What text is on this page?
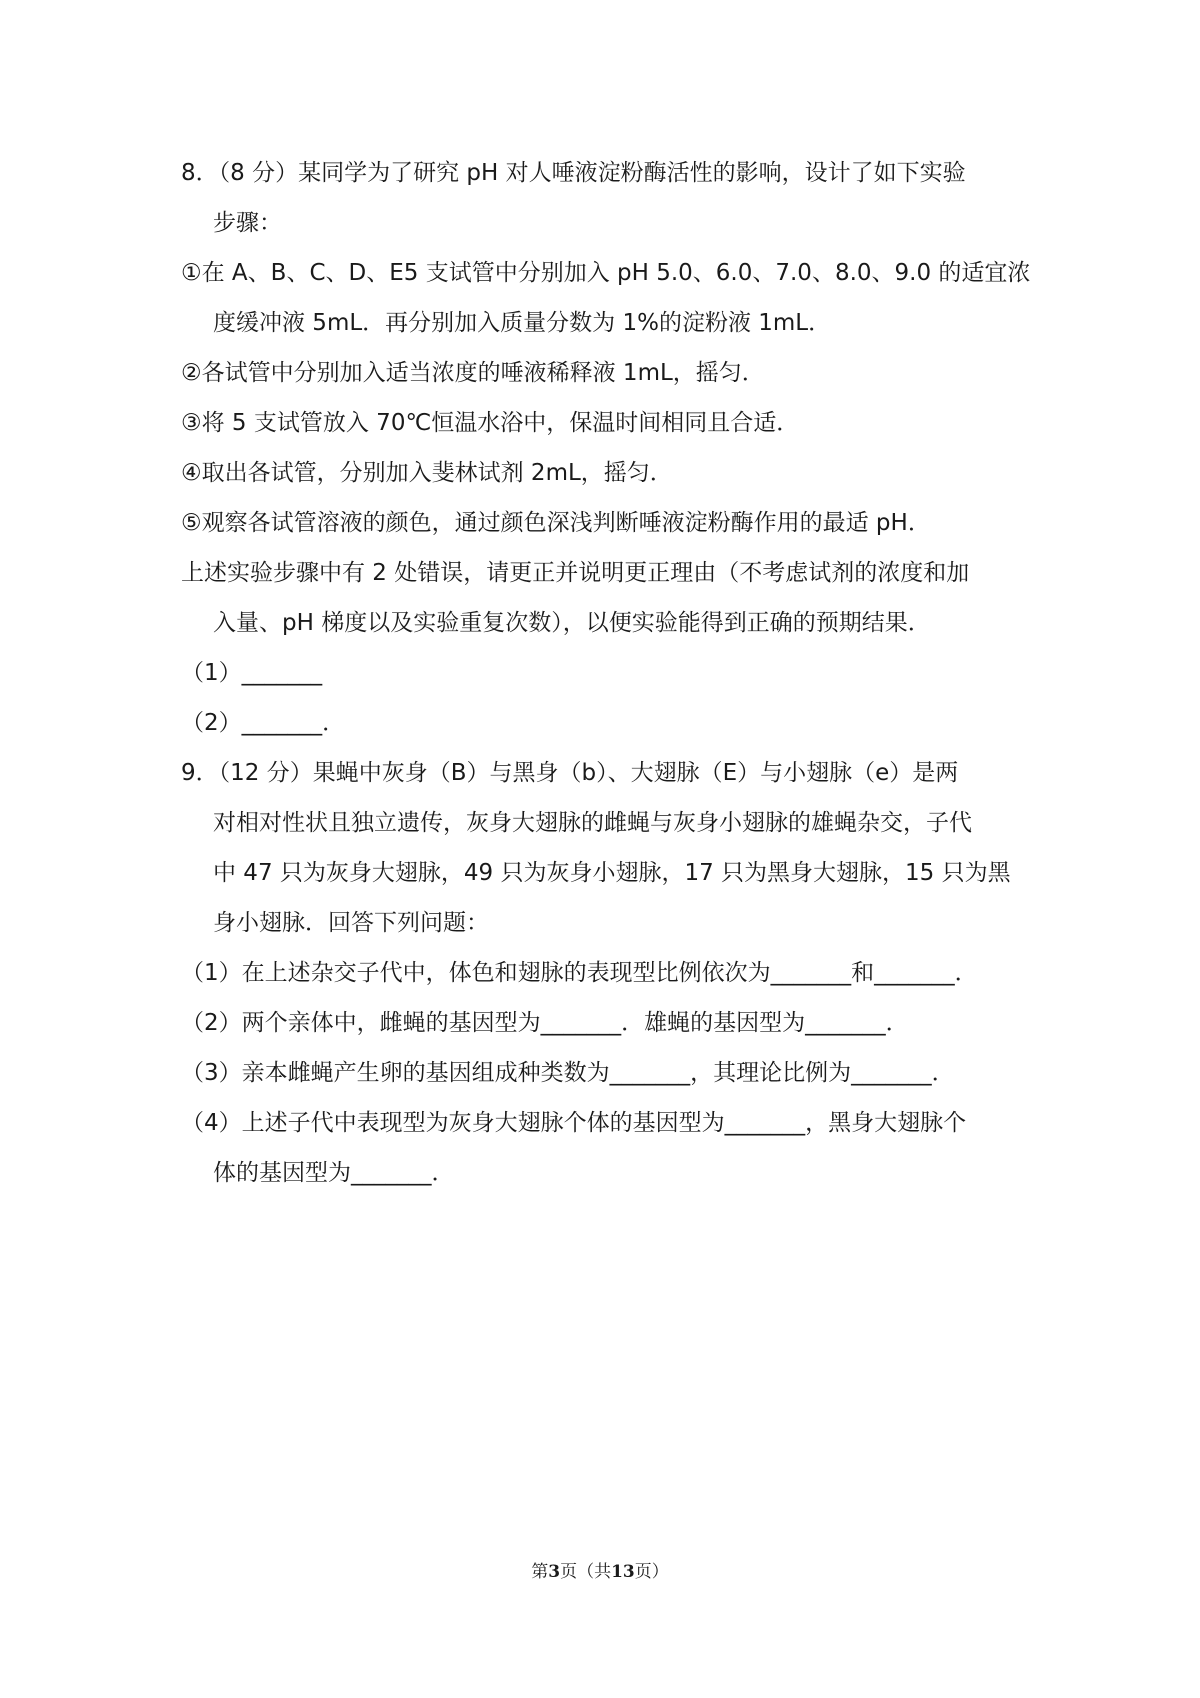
8．（8 分）某同学为了研究 pH 对人唾液淀粉酶活性的影响，设计了如下实验
步骤：
①在 A、B、C、D、E5 支试管中分别加入 pH 5.0、6.0、7.0、8.0、9.0 的适宜浓
度缓冲液 5mL．再分别加入质量分数为 1%的淀粉液 1mL．
②各试管中分别加入适当浓度的唾液稀释液 1mL，摇匀．
③将 5 支试管放入 70℃恒温水浴中，保温时间相同且合适．
④取出各试管，分别加入斐林试剂 2mL，摇匀．
⑤观察各试管溶液的颜色，通过颜色深浅判断唾液淀粉酶作用的最适 pH．
上述实验步骤中有 2 处错误，请更正并说明更正理由（不考虑试剂的浓度和加
入量、pH 梯度以及实验重复次数），以便实验能得到正确的预期结果．
（1）_______
（2）_______．
9．（12 分）果蝇中灰身（B）与黑身（b）、大翅脉（E）与小翅脉（e）是两
对相对性状且独立遗传，灰身大翅脉的雌蝇与灰身小翅脉的雄蝇杂交，子代
中 47 只为灰身大翅脉，49 只为灰身小翅脉，17 只为黑身大翅脉，15 只为黑
身小翅脉．回答下列问题：
（1）在上述杂交子代中，体色和翅脉的表现型比例依次为_______和_______．
（2）两个亲体中，雌蝇的基因型为_______．雄蝇的基因型为_______．
（3）亲本雌蝇产生卵的基因组成种类数为_______，其理论比例为_______．
（4）上述子代中表现型为灰身大翅脉个体的基因型为_______，黑身大翅脉个
体的基因型为_______．
第3页（共13页）
